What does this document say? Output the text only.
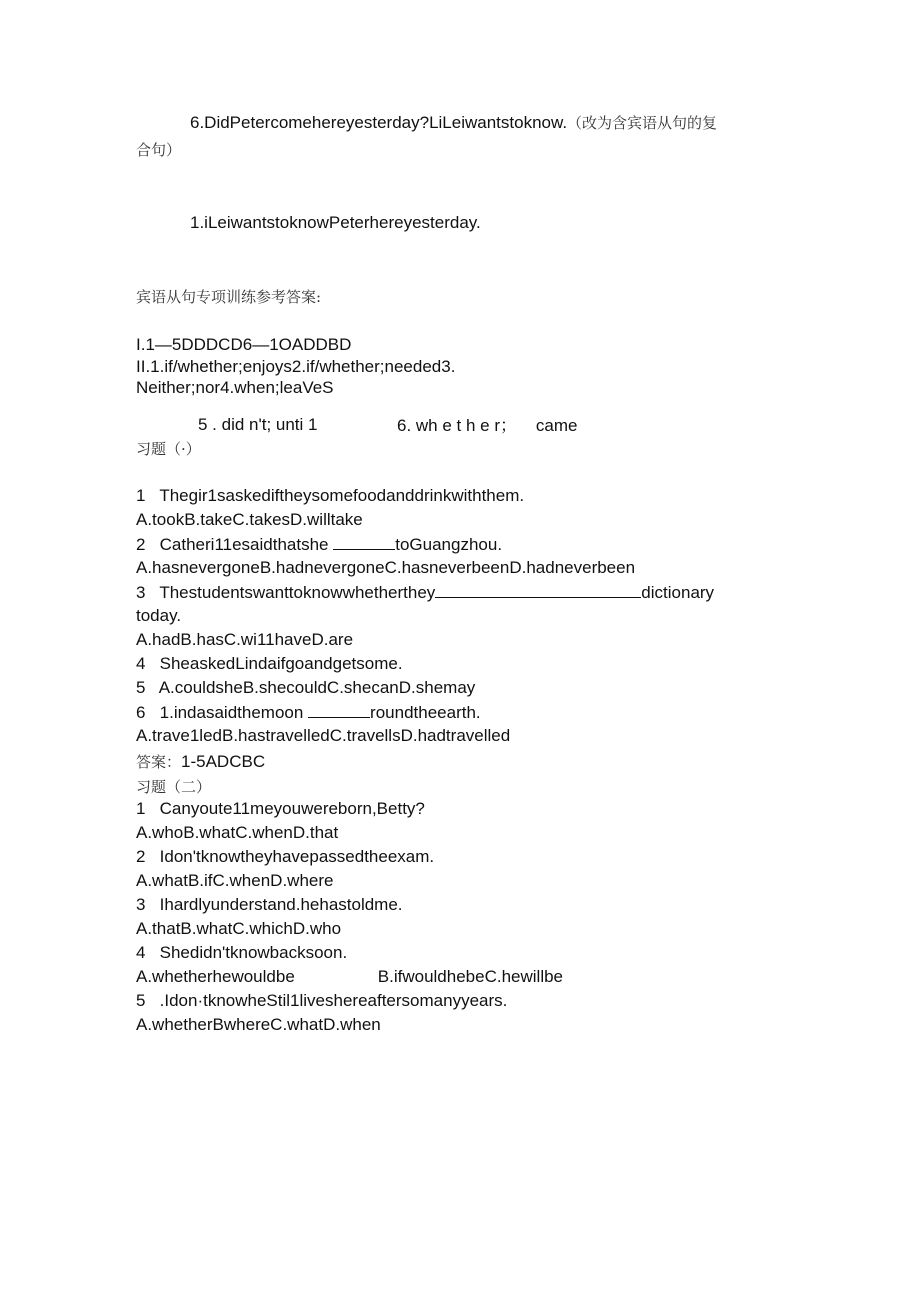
6.DidPetercomehereyesterday?LiLeiwantstoknow.（改为含宾语从句的复
合句）
1.iLeiwantstoknowPeterhereyesterday.
宾语从句专项训练参考答案:
I.1—5DDDCD6—1OADDBD
II.1.if/whether;enjoys2.if/whether;needed3.
Neither;nor4.when;leaVeS
5 . did n't; unti 1	6. wh e t h e r； came
习题（·）
1 Thegir1saskediftheysomefoodanddrinkwiththem.
A.tookB.takeC.takesD.willtake
2 Catheri11esaidthatshe	toGuangzhou.
A.hasnevergoneB.hadnevergoneC.hasneverbeenD.hadneverbeen
3 Thestudentswanttoknowwhetherthey	dictionary
today.
A.hadB.hasC.wi11haveD.are
4 SheaskedLindaifgoandgetsome.
5 A.couldsheB.shecouldC.shecanD.shemay
6 1.indasaidthemoon	roundtheearth.
A.trave1ledB.hastravelledC.travellsD.hadtravelled
答案：1-5ADCBC
习题（二）
1 Canyoute11meyouwereborn,Betty?
A.whoB.whatC.whenD.that
2 Idon'tknowtheyhavepassedtheexam.
A.whatB.ifC.whenD.where
3 Ihardlyunderstand.hehastoldme.
A.thatB.whatC.whichD.who
4 Shedidn'tknowbacksoon.
A.whetherhewouldbe	B.ifwouldhebeC.hewillbe
5 .Idon·tknowheStil1liveshereaftersomanyyears.
A.whetherBwhereC.whatD.when
